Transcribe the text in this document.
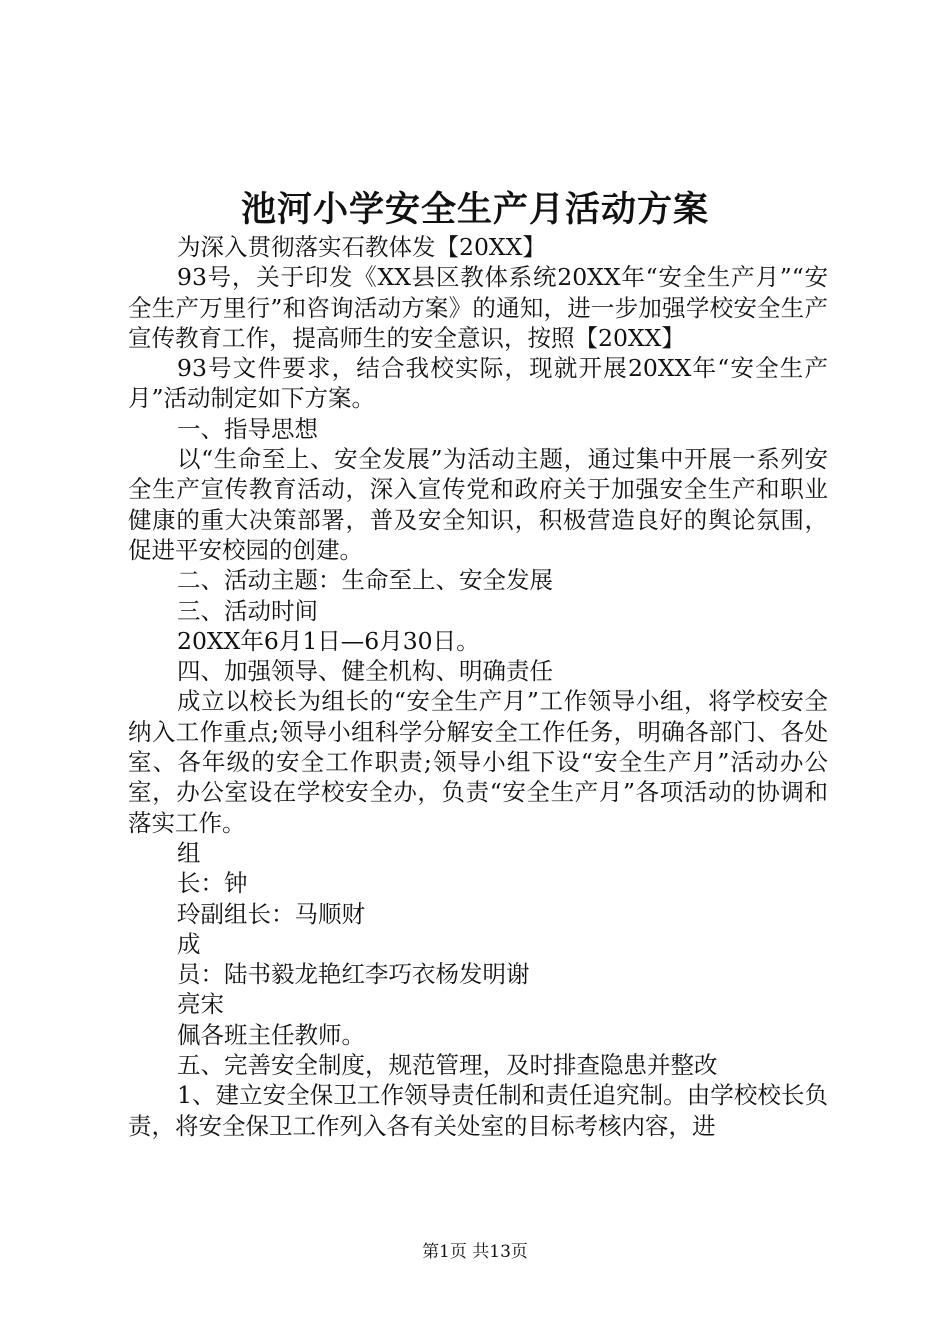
池河小学安全生产月活动方案

为深入贯彻落实石教体发【20XX】

93号，关于印发《XX县区教体系统20XX年“安全生产月”“安全生产万里行”和咨询活动方案》的通知，进一步加强学校安全生产宣传教育工作，提高师生的安全意识，按照【20XX】

93号文件要求，结合我校实际，现就开展20XX年“安全生产月”活动制定如下方案。

一、指导思想

以“生命至上、安全发展”为活动主题，通过集中开展一系列安全生产宣传教育活动，深入宣传党和政府关于加强安全生产和职业健康的重大决策部署，普及安全知识，积极营造良好的舆论氛围，促进平安校园的创建。

二、活动主题：生命至上、安全发展

三、活动时间

20XX年6月1日—6月30日。

四、加强领导、健全机构、明确责任

成立以校长为组长的“安全生产月”工作领导小组，将学校安全纳入工作重点;领导小组科学分解安全工作任务，明确各部门、各处室、各年级的安全工作职责;领导小组下设“安全生产月”活动办公室，办公室设在学校安全办，负责“安全生产月”各项活动的协调和落实工作。

组

长：钟

玲副组长：马顺财

成

员：陆书毅龙艳红李巧衣杨发明谢

亮宋

佩各班主任教师。

五、完善安全制度，规范管理，及时排查隐患并整改

1、建立安全保卫工作领导责任制和责任追究制。由学校校长负责，将安全保卫工作列入各有关处室的目标考核内容，进

第1页 共13页
